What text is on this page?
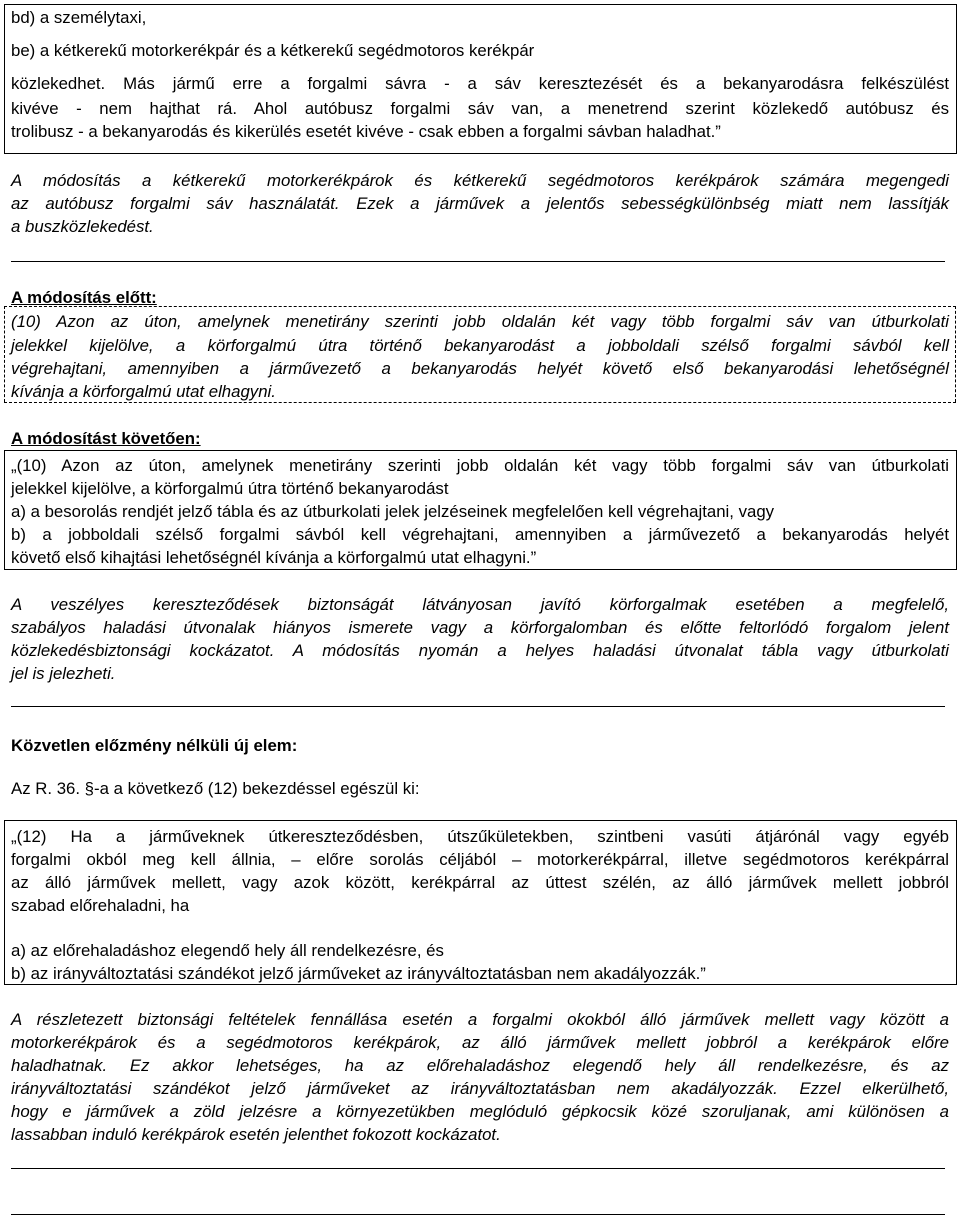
bd) a személytaxi,
be) a kétkerekű motorkerékpár és a kétkerekű segédmotoros kerékpár
közlekedhet. Más jármű erre a forgalmi sávra - a sáv keresztezését és a bekanyarodásra felkészülést
kivéve - nem hajthat rá. Ahol autóbusz forgalmi sáv van, a menetrend szerint közlekedő autóbusz és
trolibusz - a bekanyarodás és kikerülés esetét kivéve - csak ebben a forgalmi sávban haladhat.”
A módosítás a kétkerekű motorkerékpárok és kétkerekű segédmotoros kerékpárok számára megengedi
az autóbusz forgalmi sáv használatát. Ezek a járművek a jelentős sebességkülönbség miatt nem lassítják
a buszközlekedést.
A módosítás előtt:
(10) Azon az úton, amelynek menetirány szerinti jobb oldalán két vagy több forgalmi sáv van útburkolati
jelekkel kijelölve, a körforgalmú útra történő bekanyarodást a jobboldali szélső forgalmi sávból kell
végrehajtani, amennyiben a járművezető a bekanyarodás helyét követő első bekanyarodási lehetőségnél
kívánja a körforgalmú utat elhagyni.
A módosítást követően:
„(10) Azon az úton, amelynek menetirány szerinti jobb oldalán két vagy több forgalmi sáv van útburkolati
jelekkel kijelölve, a körforgalmú útra történő bekanyarodást
a) a besorolás rendjét jelző tábla és az útburkolati jelek jelzéseinek megfelelően kell végrehajtani, vagy
b) a jobboldali szélső forgalmi sávból kell végrehajtani, amennyiben a járművezető a bekanyarodás helyét
követő első kihajtási lehetőségnél kívánja a körforgalmú utat elhagyni.”
A veszélyes kereszteződések biztonságát látványosan javító körforgalmak esetében a megfelelő,
szabályos haladási útvonalak hiányos ismerete vagy a körforgalomban és előtte feltorlódó forgalom jelent
közlekedésbiztonsági kockázatot. A módosítás nyomán a helyes haladási útvonalat tábla vagy útburkolati
jel is jelezheti.
Közvetlen előzmény nélküli új elem:
Az R. 36. §-a a következő (12) bekezdéssel egészül ki:
„(12) Ha a járműveknek útkereszteződésben, útszűkületekben, szintbeni vasúti átjárónál vagy egyéb
forgalmi okból meg kell állnia, – előre sorolás céljából – motorkerékpárral, illetve segédmotoros kerékpárral
az álló járművek mellett, vagy azok között, kerékpárral az úttest szélén, az álló járművek mellett jobbról
szabad előrehaladni, ha
a) az előrehaladáshoz elegendő hely áll rendelkezésre, és
b) az irányváltoztatási szándékot jelző járműveket az irányváltoztatásban nem akadályozzák.”
A részletezett biztonsági feltételek fennállása esetén a forgalmi okokból álló járművek mellett vagy között a
motorkerékpárok és a segédmotoros kerékpárok, az álló járművek mellett jobbról a kerékpárok előre
haladhatnak. Ez akkor lehetséges, ha az előrehaladáshoz elegendő hely áll rendelkezésre, és az
irányváltoztatási szándékot jelző járműveket az irányváltoztatásban nem akadályozzák. Ezzel elkerülhető,
hogy e járművek a zöld jelzésre a környezetükben meglóduló gépkocsik közé szoruljanak, ami különösen a
lassabban induló kerékpárok esetén jelenthet fokozott kockázatot.
